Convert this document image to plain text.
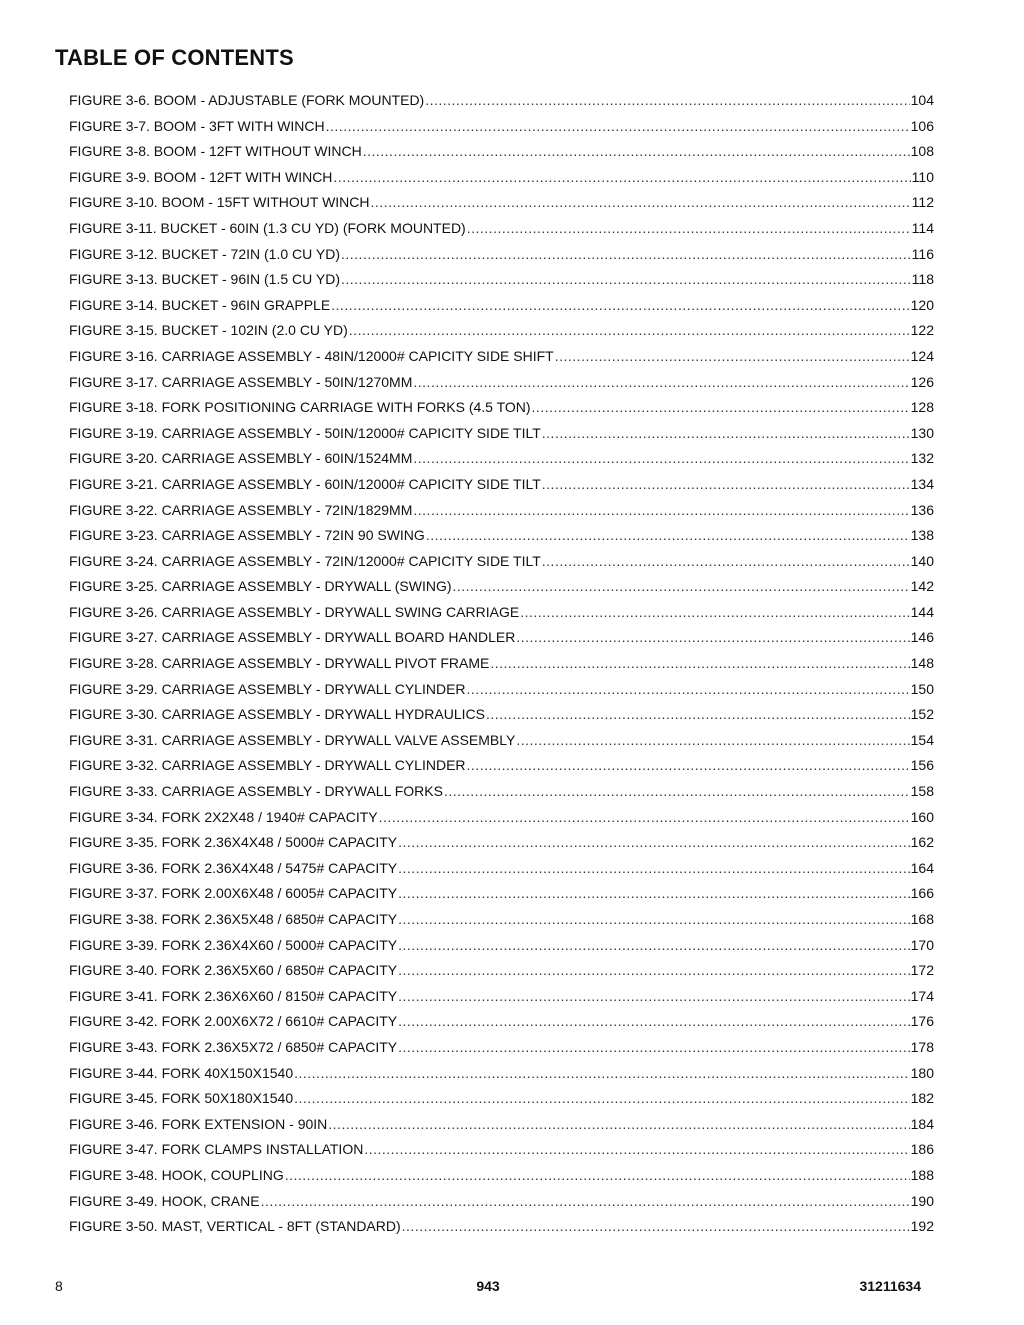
TABLE OF CONTENTS
FIGURE 3-6. BOOM - ADJUSTABLE (FORK MOUNTED) .....	104
FIGURE 3-7. BOOM - 3FT WITH WINCH .....	106
FIGURE 3-8. BOOM - 12FT WITHOUT WINCH .....	108
FIGURE 3-9. BOOM - 12FT WITH WINCH .....	110
FIGURE 3-10. BOOM - 15FT WITHOUT WINCH .....	112
FIGURE 3-11. BUCKET - 60IN (1.3 CU YD) (FORK MOUNTED) .....	114
FIGURE 3-12. BUCKET - 72IN (1.0 CU YD) .....	116
FIGURE 3-13. BUCKET - 96IN (1.5 CU YD) .....	118
FIGURE 3-14. BUCKET - 96IN GRAPPLE .....	120
FIGURE 3-15. BUCKET - 102IN (2.0 CU YD) .....	122
FIGURE 3-16. CARRIAGE ASSEMBLY - 48IN/12000# CAPICITY SIDE SHIFT .....	124
FIGURE 3-17. CARRIAGE ASSEMBLY - 50IN/1270MM .....	126
FIGURE 3-18. FORK POSITIONING CARRIAGE WITH FORKS (4.5 TON) .....	128
FIGURE 3-19. CARRIAGE ASSEMBLY - 50IN/12000# CAPICITY SIDE TILT .....	130
FIGURE 3-20. CARRIAGE ASSEMBLY - 60IN/1524MM .....	132
FIGURE 3-21. CARRIAGE ASSEMBLY - 60IN/12000# CAPICITY SIDE TILT .....	134
FIGURE 3-22. CARRIAGE ASSEMBLY - 72IN/1829MM .....	136
FIGURE 3-23. CARRIAGE ASSEMBLY - 72IN 90 SWING .....	138
FIGURE 3-24. CARRIAGE ASSEMBLY - 72IN/12000# CAPICITY SIDE TILT .....	140
FIGURE 3-25. CARRIAGE ASSEMBLY - DRYWALL (SWING) .....	142
FIGURE 3-26. CARRIAGE ASSEMBLY - DRYWALL SWING CARRIAGE .....	144
FIGURE 3-27. CARRIAGE ASSEMBLY - DRYWALL BOARD HANDLER .....	146
FIGURE 3-28. CARRIAGE ASSEMBLY - DRYWALL PIVOT FRAME .....	148
FIGURE 3-29. CARRIAGE ASSEMBLY - DRYWALL CYLINDER .....	150
FIGURE 3-30. CARRIAGE ASSEMBLY - DRYWALL HYDRAULICS .....	152
FIGURE 3-31. CARRIAGE ASSEMBLY - DRYWALL VALVE ASSEMBLY .....	154
FIGURE 3-32. CARRIAGE ASSEMBLY - DRYWALL CYLINDER .....	156
FIGURE 3-33. CARRIAGE ASSEMBLY - DRYWALL FORKS .....	158
FIGURE 3-34. FORK 2X2X48 / 1940# CAPACITY .....	160
FIGURE 3-35. FORK 2.36X4X48 / 5000# CAPACITY .....	162
FIGURE 3-36. FORK 2.36X4X48 / 5475# CAPACITY .....	164
FIGURE 3-37. FORK 2.00X6X48 / 6005# CAPACITY .....	166
FIGURE 3-38. FORK 2.36X5X48 / 6850# CAPACITY .....	168
FIGURE 3-39. FORK 2.36X4X60 / 5000# CAPACITY .....	170
FIGURE 3-40. FORK 2.36X5X60 / 6850# CAPACITY .....	172
FIGURE 3-41. FORK 2.36X6X60 / 8150# CAPACITY .....	174
FIGURE 3-42. FORK 2.00X6X72 / 6610# CAPACITY .....	176
FIGURE 3-43. FORK 2.36X5X72 / 6850# CAPACITY .....	178
FIGURE 3-44. FORK 40X150X1540 .....	180
FIGURE 3-45. FORK 50X180X1540 .....	182
FIGURE 3-46. FORK EXTENSION - 90IN .....	184
FIGURE 3-47. FORK CLAMPS INSTALLATION .....	186
FIGURE 3-48. HOOK, COUPLING .....	188
FIGURE 3-49. HOOK, CRANE .....	190
FIGURE 3-50. MAST, VERTICAL - 8FT (STANDARD) .....	192
8	943	31211634
